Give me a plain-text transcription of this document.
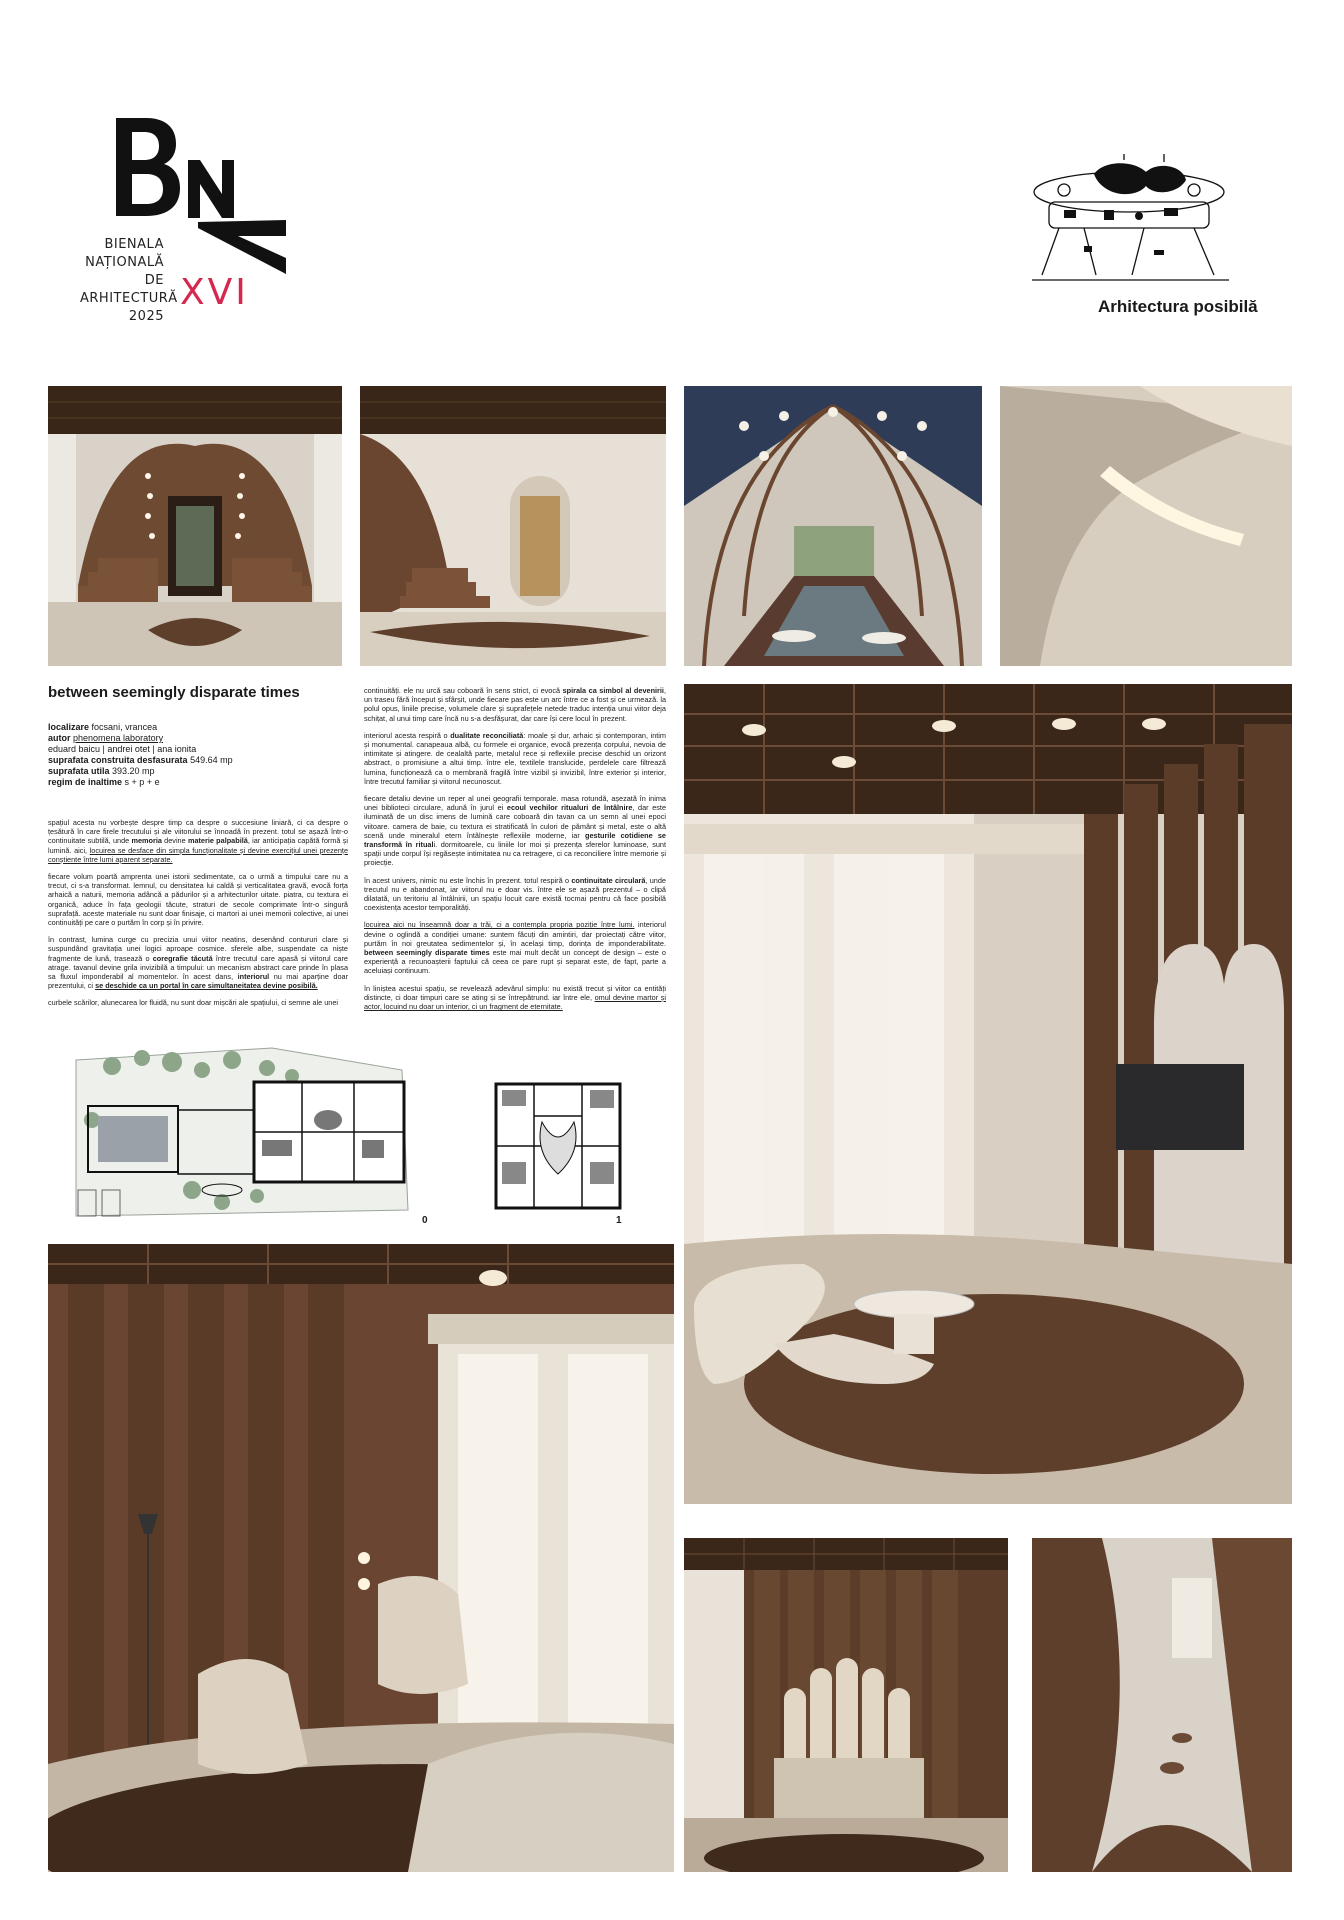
BIENALA
NAȚIONALĂ
DE
ARHITECTURĂ
2025
XVI	Arhitectura posibilă
between seemingly disparate times
localizare focsani, vrancea
autor phenomena laboratory
eduard baicu | andrei otet | ana ionita
suprafata construita desfasurata 549.64 mp
suprafata utila 393.20 mp
regim de inaltime s + p + e

spațiul acesta nu vorbește despre timp ca despre o succesiune liniară, ci ca despre o țesătură în care firele trecutului și ale viitorului se înnoadă în prezent. totul se așază într-o continuitate subtilă, unde memoria devine materie palpabilă, iar anticipația capătă formă și lumină. aici, locuirea se desface din simpla funcționalitate și devine exercițiul unei prezențe conștiente între lumi aparent separate.

fiecare volum poartă amprenta unei istorii sedimentate, ca o urmă a timpului care nu a trecut, ci s-a transformat. lemnul, cu densitatea lui caldă și verticalitatea gravă, evocă forța arhaică a naturii, memoria adâncă a pădurilor și a arhitecturilor uitate. piatra, cu textura ei organică, aduce în fața geologii tăcute, straturi de secole comprimate într-o singură suprafață. aceste materiale nu sunt doar finisaje, ci martori ai unei memorii colective, ai unei continuități pe care o purtăm în corp și în privire.

în contrast, lumina curge cu precizia unui viitor neatins, desenând contururi clare și suspundând gravitația unei logici aproape cosmice. sferele albe, suspendate ca niște fragmente de lună, trasează o coregrafie tăcută între trecutul care apasă și viitorul care atrage. tavanul devine grila invizibilă a timpului: un mecanism abstract care prinde în plasa sa fluxul imponderabil al momentelor. în acest dans, interiorul nu mai aparține doar prezentului, ci se deschide ca un portal în care simultaneitatea devine posibilă.

curbele scărilor, alunecarea lor fluidă, nu sunt doar mișcări ale spațiului, ci semne ale unei

continuități. ele nu urcă sau coboară în sens strict, ci evocă spirala ca simbol al devenirii, un traseu fără început și sfârșit, unde fiecare pas este un arc între ce a fost și ce urmează. la polul opus, liniile precise, volumele clare și suprafețele netede traduc intenția unui viitor deja schițat, al unui timp care încă nu s-a desfășurat, dar care își cere locul în prezent.

interiorul acesta respiră o dualitate reconciliată: moale și dur, arhaic și contemporan, intim și monumental. canapeaua albă, cu formele ei organice, evocă prezența corpului, nevoia de intimitate și atingere. de cealaltă parte, metalul rece și reflexiile precise deschid un orizont abstract, o promisiune a altui timp. între ele, textilele translucide, perdelele care filtrează lumina, funcționează ca o membrană fragilă între vizibil și invizibil, între exterior și interior, între trecutul familiar și viitorul necunoscut.

fiecare detaliu devine un reper al unei geografii temporale. masa rotundă, așezată în inima unei biblioteci circulare, adună în jurul ei ecoul vechilor ritualuri de întâlnire, dar este iluminată de un disc imens de lumină care coboară din tavan ca un semn al unei epoci viitoare. camera de baie, cu textura ei stratificată în culori de pământ și metal, este o altă scenă unde mineralul etern întâlnește reflexiile moderne, iar gesturile cotidiene se transformă în rituali. dormitoarele, cu liniile lor moi și prezența sferelor luminoase, sunt spații unde corpul își regăsește intimitatea nu ca retragere, ci ca reconciliere între memorie și proiecție.

în acest univers, nimic nu este închis în prezent. totul respiră o continuitate circulară, unde trecutul nu e abandonat, iar viitorul nu e doar vis. între ele se așază prezentul – o clipă dilatată, un teritoriu al întâlnirii, un spațiu locuit care există tocmai pentru că face posibilă coexistența acestor temporalități.

locuirea aici nu înseamnă doar a trăi, ci a contempla propria poziție între lumi. interiorul devine o oglindă a condiției umane: suntem făcuți din amintiri, dar proiectați către viitor, purtăm în noi greutatea sedimentelor și, în același timp, dorința de imponderabilitate. between seemingly disparate times este mai mult decât un concept de design – este o experiență a recunoașterii faptului că ceea ce pare rupt și separat este, de fapt, parte a aceluiași continuum.

în liniștea acestui spațiu, se revelează adevărul simplu: nu există trecut și viitor ca entități distincte, ci doar timpuri care se ating și se întrepătrund. iar între ele, omul devine martor și actor, locuind nu doar un interior, ci un fragment de eternitate.

0	1
